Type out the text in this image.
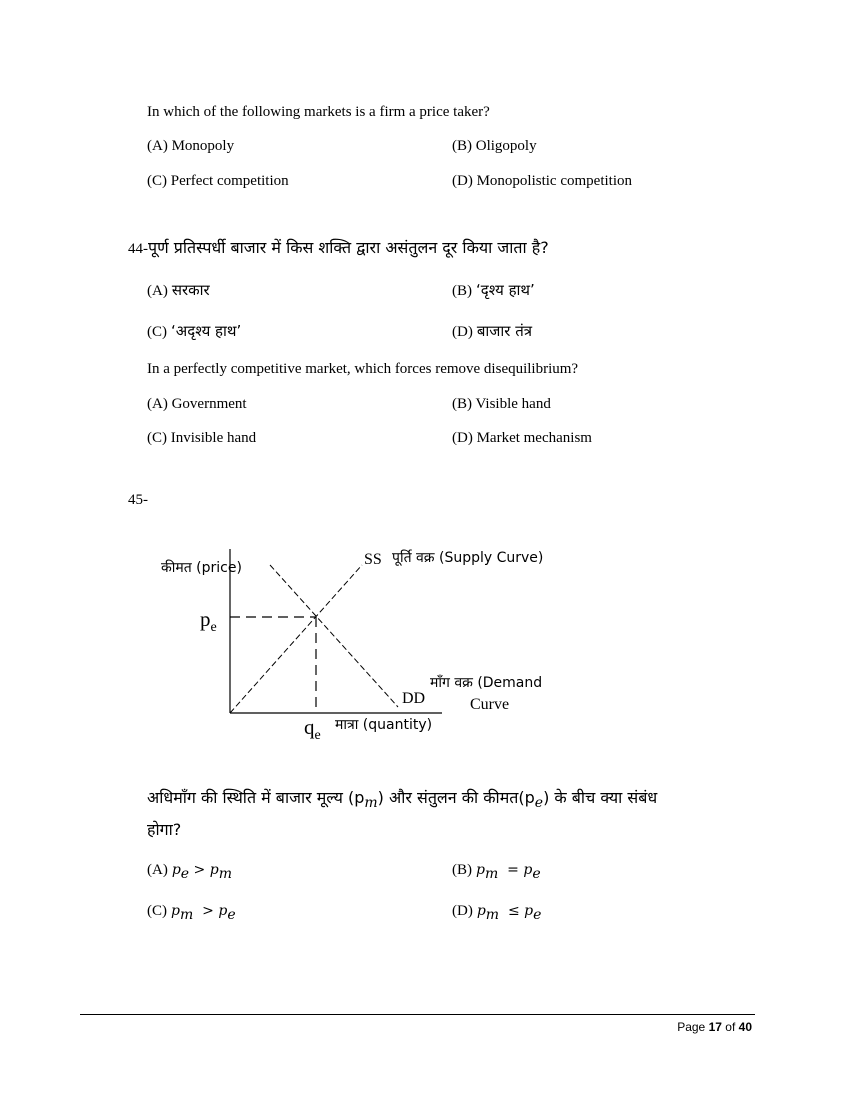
In which of the following markets is a firm a price taker?
(A) Monopoly	(B) Oligopoly
(C) Perfect competition	(D) Monopolistic competition
44-पूर्ण प्रतिस्पर्धी बाजार में किस शक्ति द्वारा असंतुलन दूर किया जाता है?
(A) सरकार	(B) ‘दृश्य हाथ’
(C) ‘अदृश्य हाथ’	(D) बाजार तंत्र
In a perfectly competitive market, which forces remove disequilibrium?
(A) Government	(B) Visible hand
(C) Invisible hand	(D) Market mechanism
45-
कीमत (price)
$p_e$
$q_e$
मात्रा (quantity)
SS पूर्ति वक्र (Supply Curve)
DD
माँग वक्र (Demand
Curve
अधिमाँग की स्थिति में बाजार मूल्य $(p_m)$ और संतुलन की $कीमत(p_e)$ के बीच क्या संबंध
होगा?
(A) $p_e > p_m$	(B) $p_m = p_e$
(C) $p_m > p_e$	(D) $p_m \le p_e$
Page 17 of 40
